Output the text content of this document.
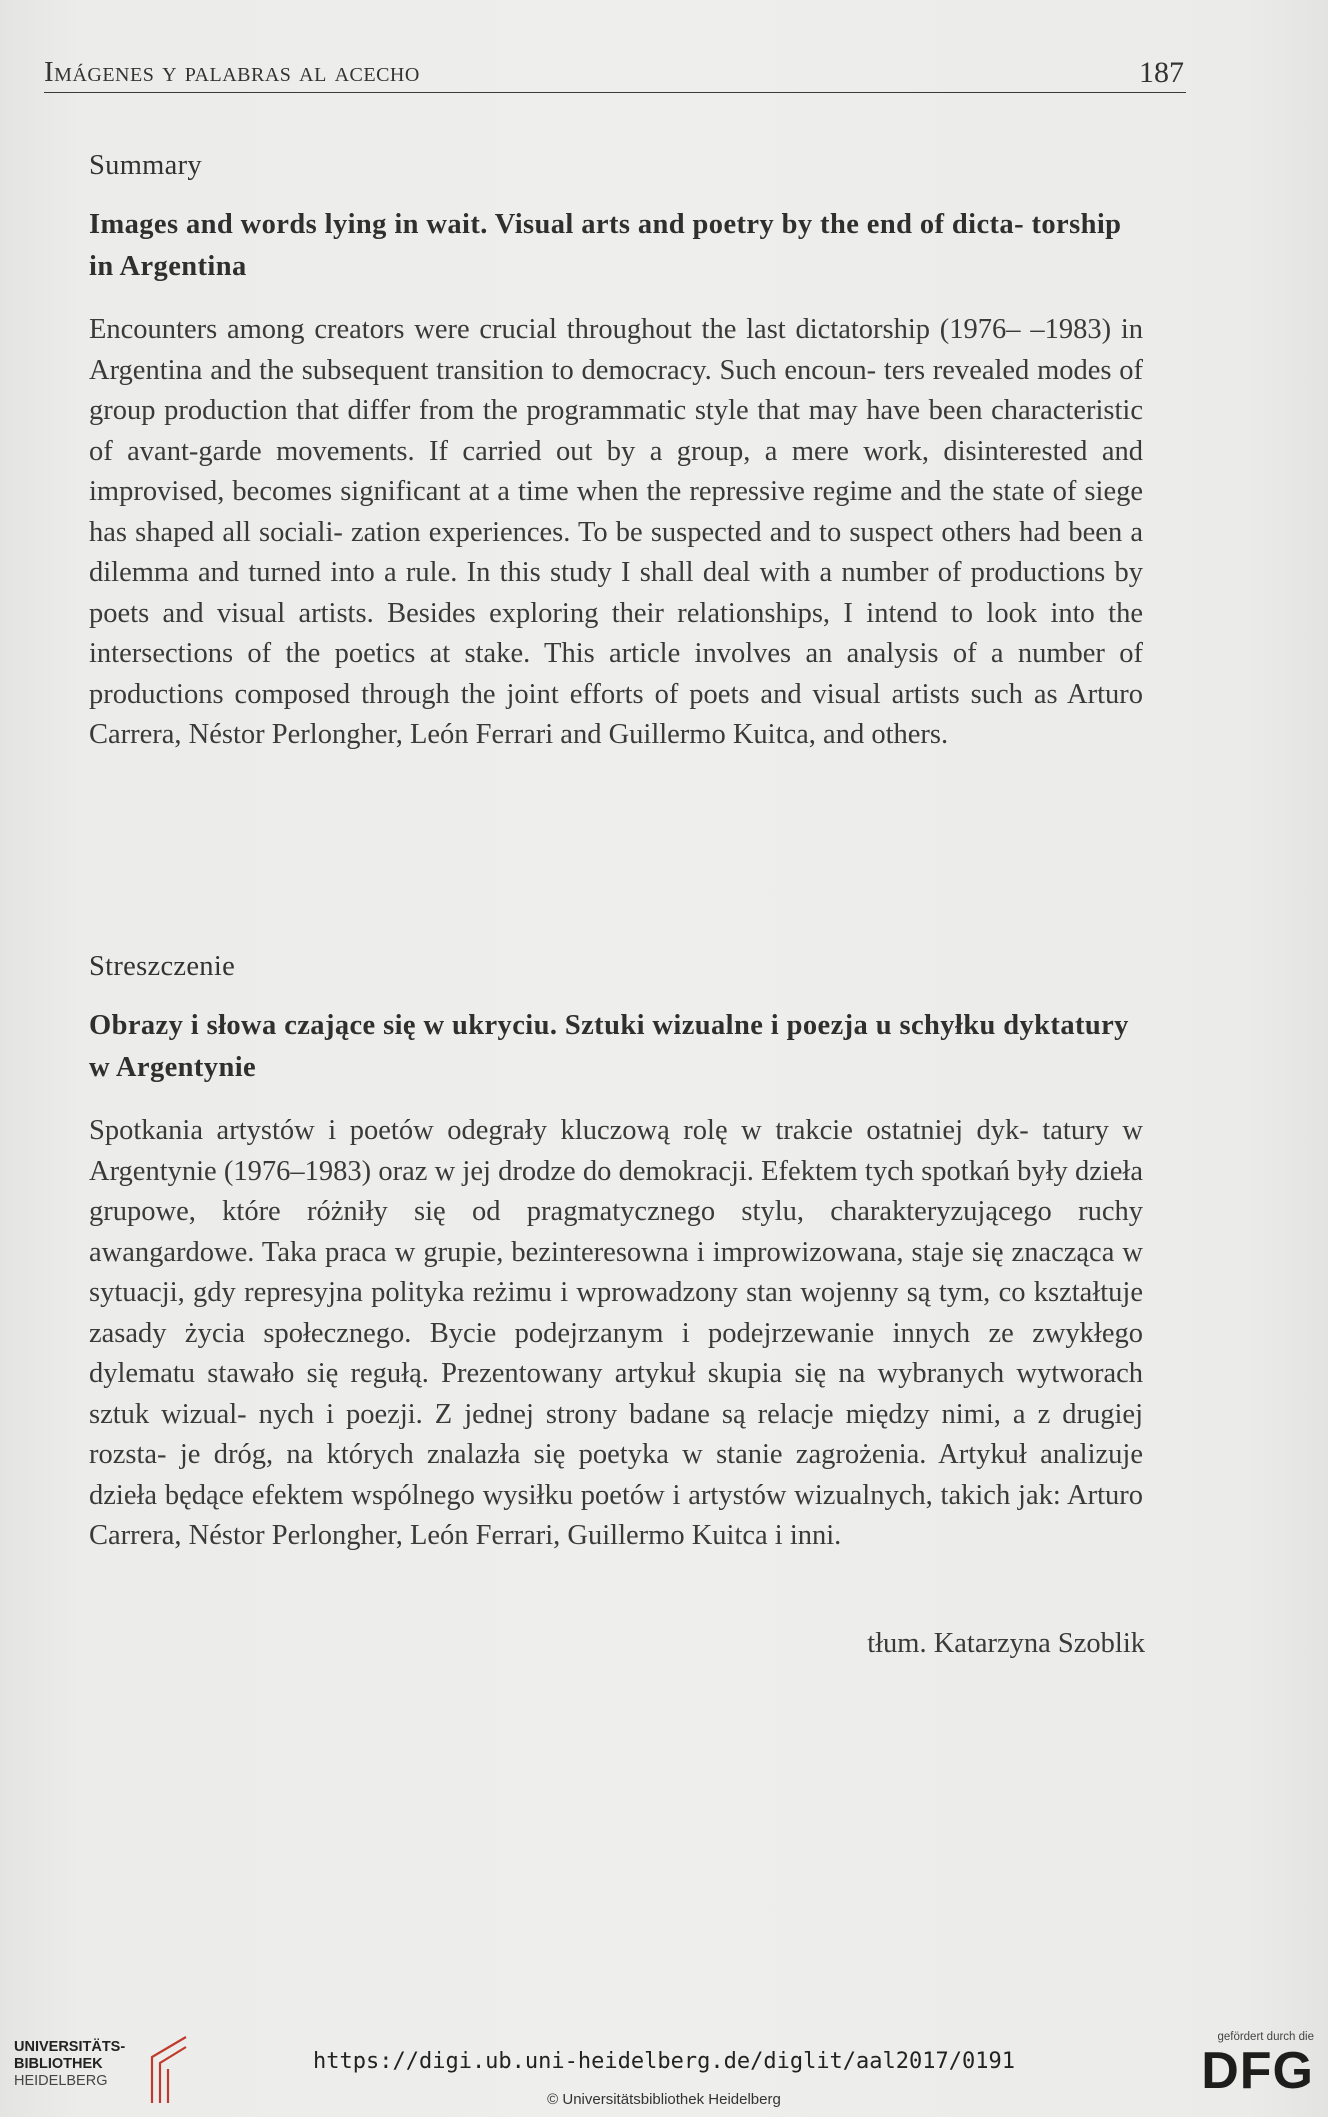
Imágenes y palabras al acecho	187

Summary

Images and words lying in wait. Visual arts and poetry by the end of dicta- torship in Argentina

Encounters among creators were crucial throughout the last dictatorship (1976– –1983) in Argentina and the subsequent transition to democracy. Such encoun- ters revealed modes of group production that differ from the programmatic style that may have been characteristic of avant-garde movements. If carried out by a group, a mere work, disinterested and improvised, becomes significant at a time when the repressive regime and the state of siege has shaped all sociali- zation experiences. To be suspected and to suspect others had been a dilemma and turned into a rule. In this study I shall deal with a number of productions by poets and visual artists. Besides exploring their relationships, I intend to look into the intersections of the poetics at stake. This article involves an analysis of a number of productions composed through the joint efforts of poets and visual artists such as Arturo Carrera, Néstor Perlongher, León Ferrari and Guillermo Kuitca, and others.

Streszczenie

Obrazy i słowa czające się w ukryciu. Sztuki wizualne i poezja u schyłku dyktatury w Argentynie

Spotkania artystów i poetów odegrały kluczową rolę w trakcie ostatniej dyk- tatury w Argentynie (1976–1983) oraz w jej drodze do demokracji. Efektem tych spotkań były dzieła grupowe, które różniły się od pragmatycznego stylu, charakteryzującego ruchy awangardowe. Taka praca w grupie, bezinteresowna i improwizowana, staje się znacząca w sytuacji, gdy represyjna polityka reżimu i wprowadzony stan wojenny są tym, co kształtuje zasady życia społecznego. Bycie podejrzanym i podejrzewanie innych ze zwykłego dylematu stawało się regułą. Prezentowany artykuł skupia się na wybranych wytworach sztuk wizual- nych i poezji. Z jednej strony badane są relacje między nimi, a z drugiej rozsta- je dróg, na których znalazła się poetyka w stanie zagrożenia. Artykuł analizuje dzieła będące efektem wspólnego wysiłku poetów i artystów wizualnych, takich jak: Arturo Carrera, Néstor Perlongher, León Ferrari, Guillermo Kuitca i inni.

tłum. Katarzyna Szoblik
UNIVERSITÄTS-
BIBLIOTHEK
HEIDELBERG
https://digi.ub.uni-heidelberg.de/diglit/aal2017/0191
© Universitätsbibliothek Heidelberg
gefördert durch die
DFG
